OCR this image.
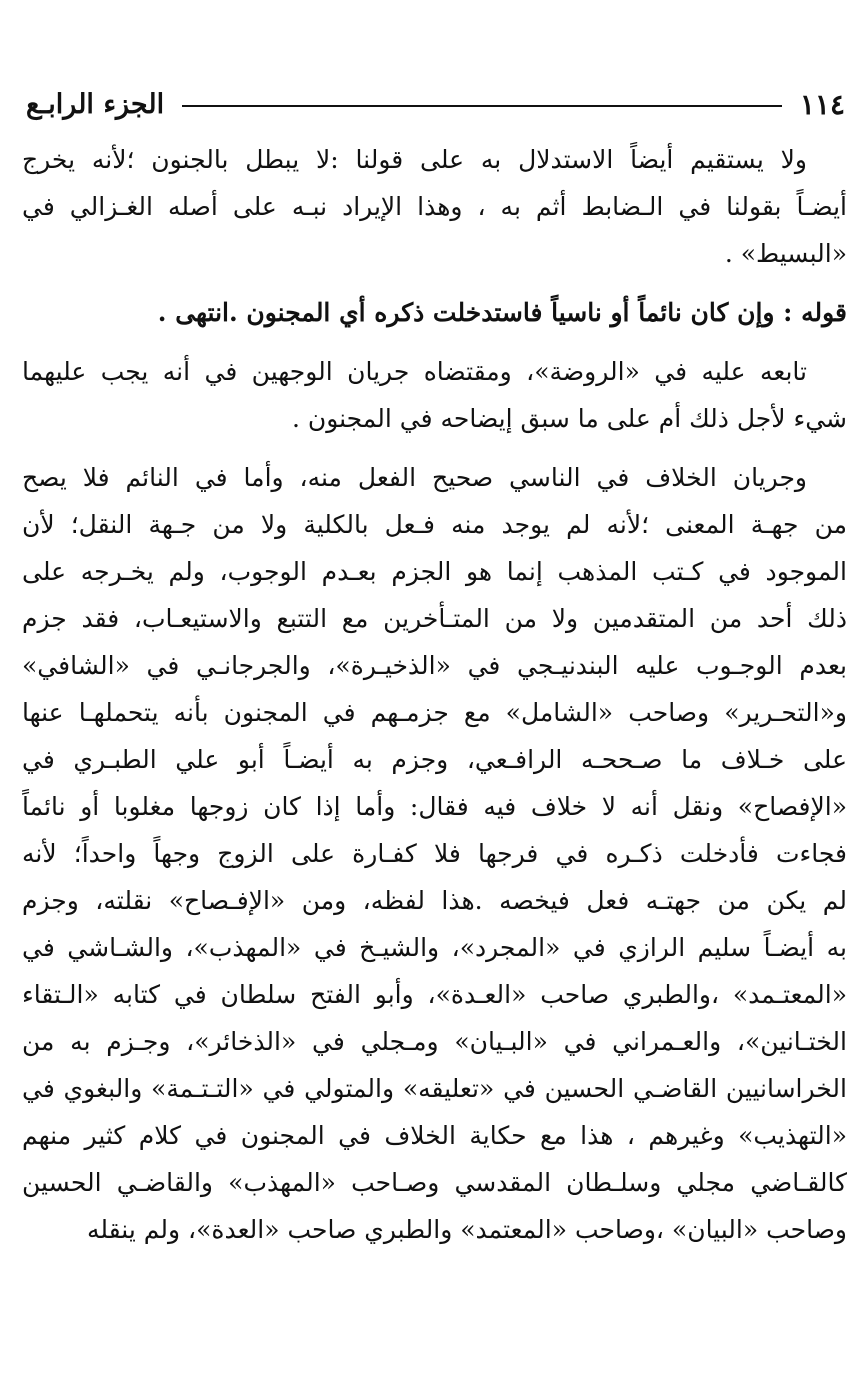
١١٤
الجزء الرابـع
ولا يستقيم أيضاً الاستدلال به على قولنا :لا يبطل بالجنون ؛لأنه يخرج
أيضـاً بقولنا في الـضابط أثم به ، وهذا الإيراد نبـه على أصله الغـزالي في
«البسيط» .
قوله : وإن كان نائماً أو ناسياً فاستدخلت ذكره أي المجنون .انتهى .
تابعه عليه في «الروضة»، ومقتضاه جريان الوجهين في أنه يجب عليهما
شيء لأجل ذلك أم على ما سبق إيضاحه في المجنون .
وجريان الخلاف في الناسي صحيح الفعل منه، وأما في النائم فلا يصح
من جهـة المعنى ؛لأنه لم يوجد منه فـعل بالكلية ولا من جـهة النقل؛ لأن
الموجود في كـتب المذهب إنما هو الجزم بعـدم الوجوب، ولم يخـرجه على
ذلك أحد من المتقدمين ولا من المتـأخرين مع التتبع والاستيعـاب، فقد جزم
بعدم الوجـوب عليه البندنيـجي في «الذخيـرة»، والجرجانـي في «الشافي»
و«التحـرير» وصاحب «الشامل» مع جزمـهم في المجنون بأنه يتحملهـا عنها
على خـلاف ما صـححـه الرافـعي، وجزم به أيضـاً أبو علي الطبـري في
«الإفصاح» ونقل أنه لا خلاف فيه فقال: وأما إذا كان زوجها مغلوبا أو نائماً
فجاءت فأدخلت ذكـره في فرجها فلا كفـارة على الزوج وجهاً واحداً؛ لأنه
لم يكن من جهتـه فعل فيخصه .هذا لفظه، ومن «الإفـصاح» نقلته، وجزم
به أيضـاً سليم الرازي في «المجرد»، والشيـخ في «المهذب»، والشـاشي في
«المعتـمد» ،والطبري صاحب «العـدة»، وأبو الفتح سلطان في كتابه «الـتقاء
الختـانين»، والعـمراني في «البـيان» ومـجلي في «الذخائر»، وجـزم به من
الخراسانيين القاضـي الحسين في «تعليقه» والمتولي في «التـتـمة» والبغوي في
«التهذيب» وغيرهم ، هذا مع حكاية الخلاف في المجنون في كلام كثير منهم
كالقـاضي مجلي وسلـطان المقدسي وصـاحب «المهذب» والقاضـي الحسين
وصاحب «البيان» ،وصاحب «المعتمد» والطبري صاحب «العدة»، ولم ينقله
